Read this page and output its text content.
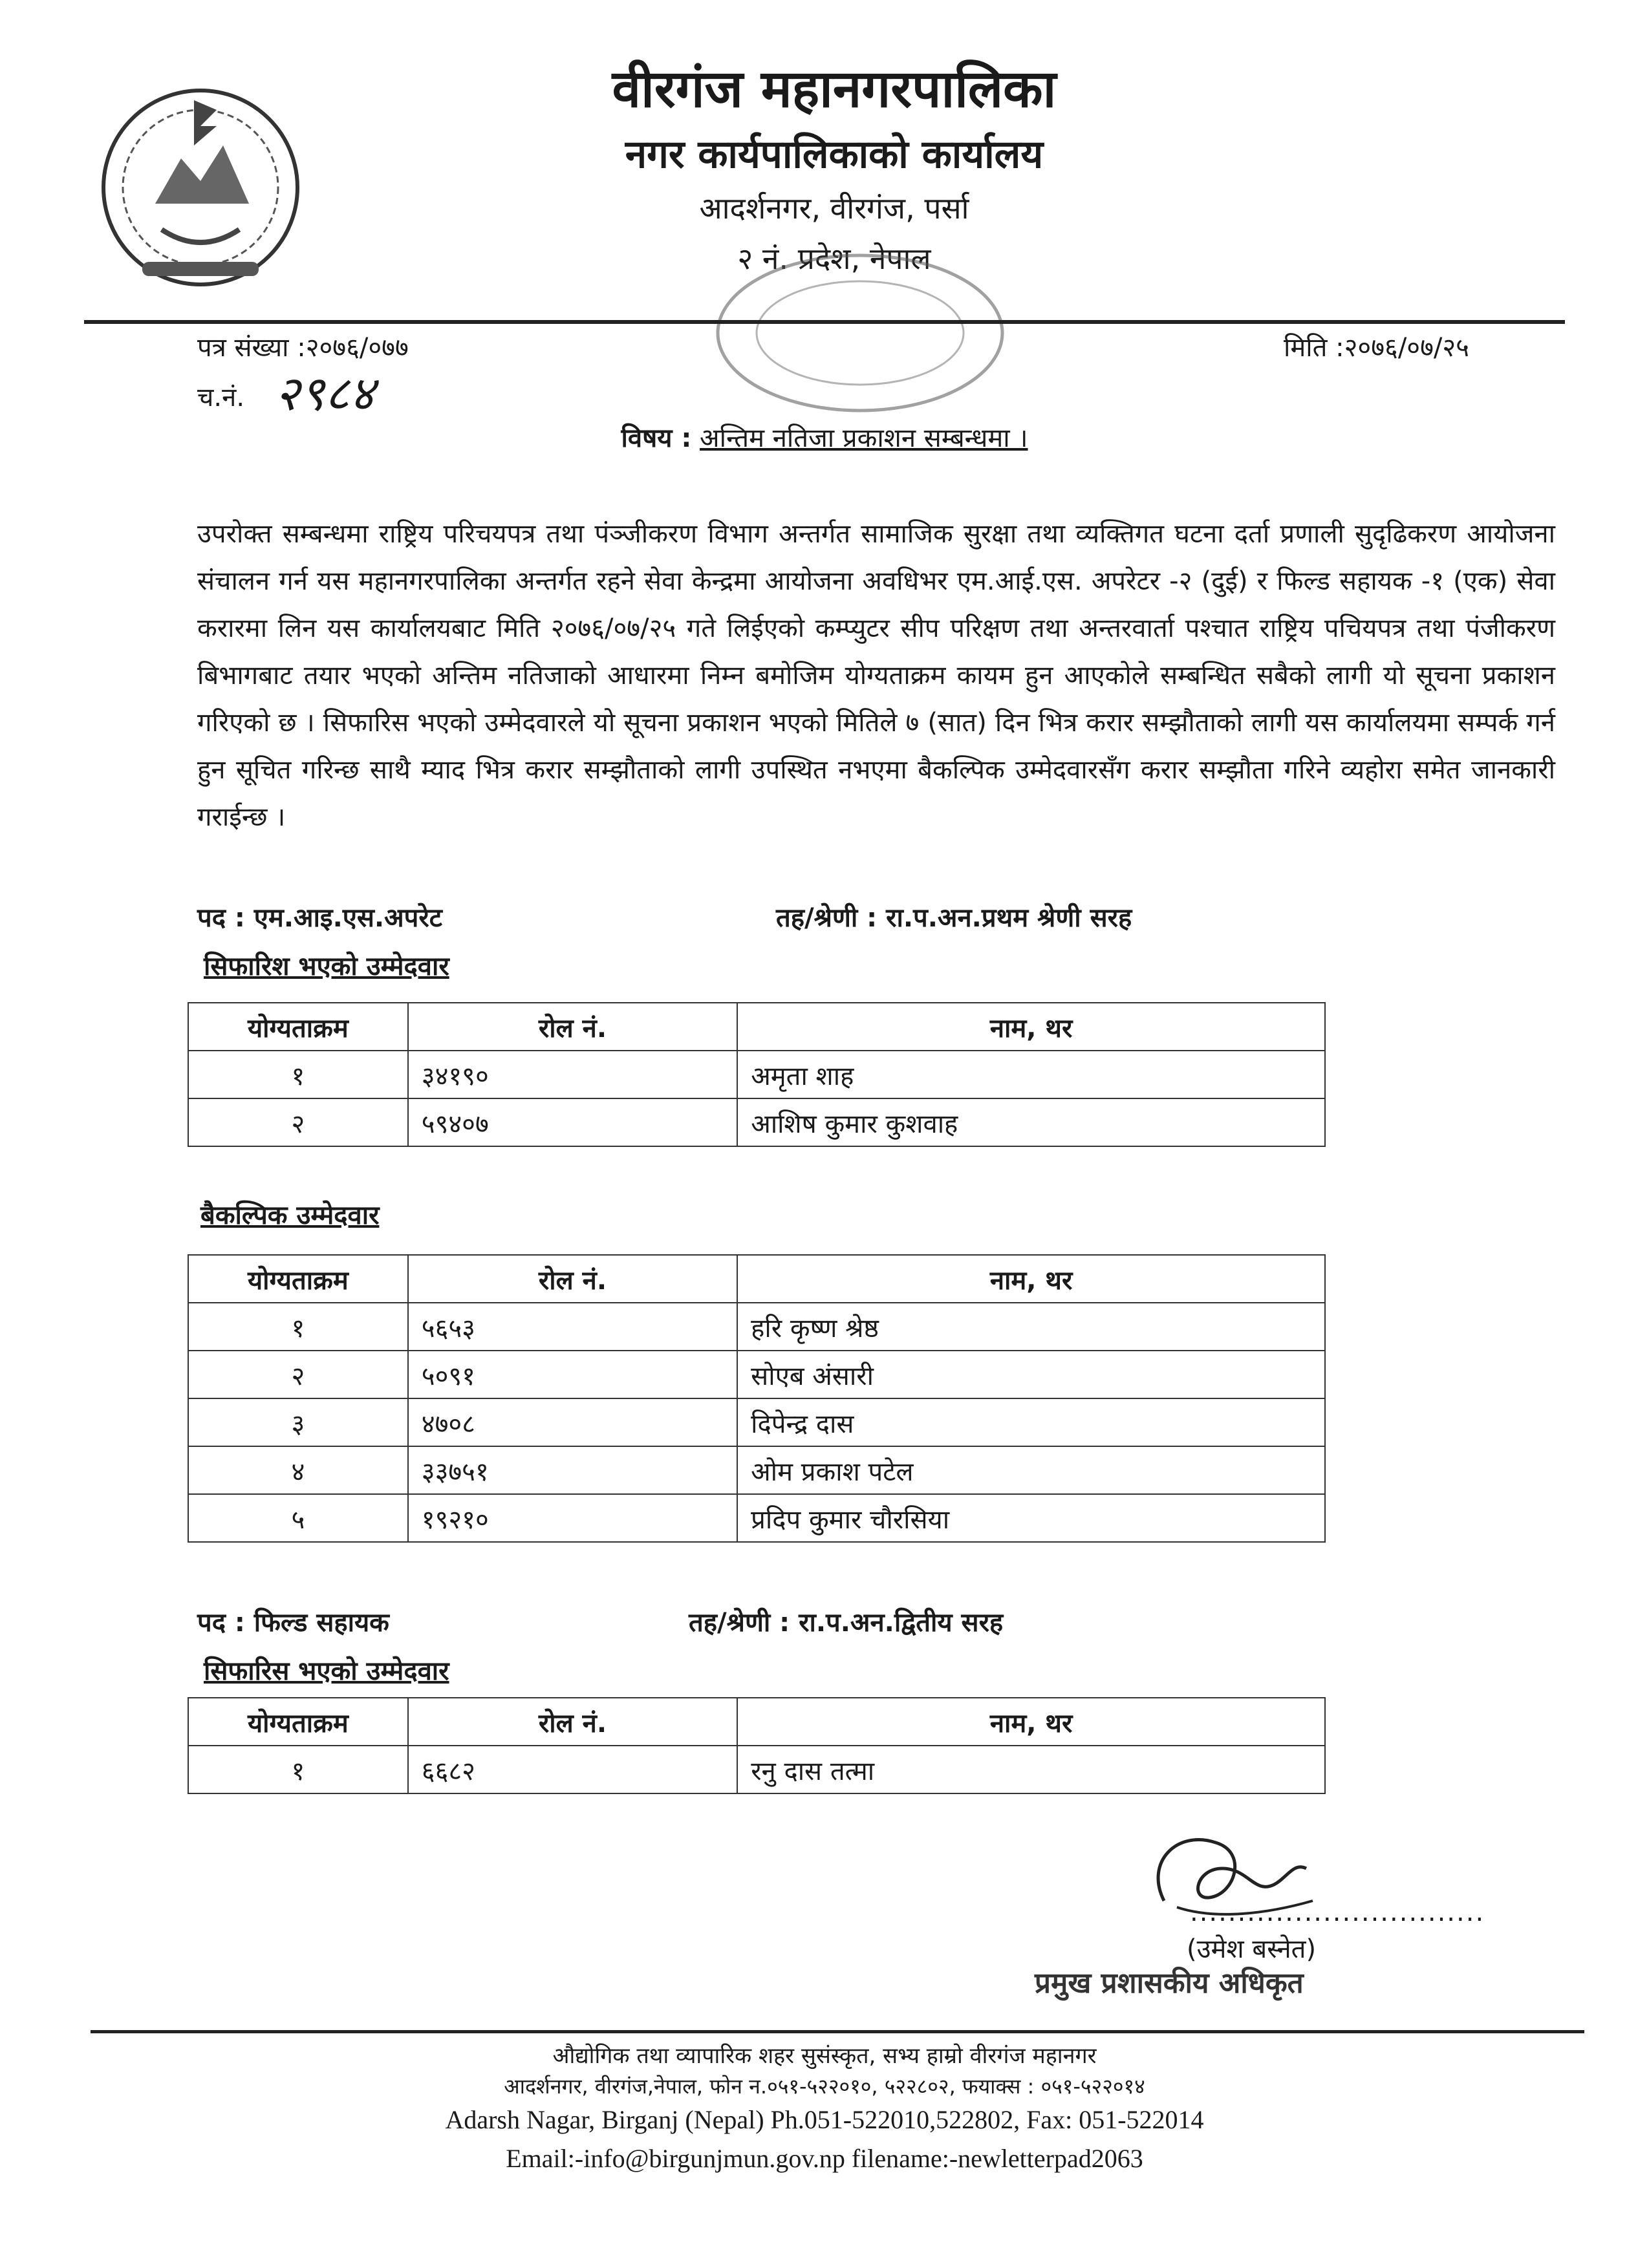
वीरगंज महानगरपालिका
नगर कार्यपालिकाको कार्यालय
आदर्शनगर, वीरगंज, पर्सा
२ नं. प्रदेश, नेपाल
पत्र संख्या :२०७६/०७७	मिति :२०७६/०७/२५
च.नं. २९८४
विषय : अन्तिम नतिजा प्रकाशन सम्बन्धमा ।
उपरोक्त सम्बन्धमा राष्ट्रिय परिचयपत्र तथा पंञ्जीकरण विभाग अन्तर्गत सामाजिक सुरक्षा तथा व्यक्तिगत घटना दर्ता प्रणाली सुदृढिकरण आयोजना संचालन गर्न यस महानगरपालिका अन्तर्गत रहने सेवा केन्द्रमा आयोजना अवधिभर एम.आई.एस. अपरेटर -२ (दुई) र फिल्ड सहायक -१ (एक) सेवा करारमा लिन यस कार्यालयबाट मिति २०७६/०७/२५ गते लिईएको कम्प्युटर सीप परिक्षण तथा अन्तरवार्ता पश्चात राष्ट्रिय पचियपत्र तथा पंजीकरण बिभागबाट तयार भएको अन्तिम नतिजाको आधारमा निम्न बमोजिम योग्यताक्रम कायम हुन आएकोले सम्बन्धित सबैको लागी यो सूचना प्रकाशन गरिएको छ । सिफारिस भएको उम्मेदवारले यो सूचना प्रकाशन भएको मितिले ७ (सात) दिन भित्र करार सम्झौताको लागी यस कार्यालयमा सम्पर्क गर्न हुन सूचित गरिन्छ साथै म्याद भित्र करार सम्झौताको लागी उपस्थित नभएमा बैकल्पिक उम्मेदवारसँग करार सम्झौता गरिने व्यहोरा समेत जानकारी गराईन्छ ।
पद : एम.आइ.एस.अपरेट	तह/श्रेणी : रा.प.अन.प्रथम श्रेणी सरह
सिफारिश भएको उम्मेदवार
योग्यताक्रम	रोल नं.	नाम, थर
१	३४१९०	अमृता शाह
२	५९४०७	आशिष कुमार कुशवाह
बैकल्पिक उम्मेदवार
योग्यताक्रम	रोल नं.	नाम, थर
१	५६५३	हरि कृष्ण श्रेष्ठ
२	५०९१	सोएब अंसारी
३	४७०८	दिपेन्द्र दास
४	३३७५१	ओम प्रकाश पटेल
५	१९२१०	प्रदिप कुमार चौरसिया
पद : फिल्ड सहायक	तह/श्रेणी : रा.प.अन.द्वितीय सरह
सिफारिस भएको उम्मेदवार
योग्यताक्रम	रोल नं.	नाम, थर
१	६६८२	रनु दास तत्मा
...............................
(उमेश बस्नेत)
प्रमुख प्रशासकीय अधिकृत
औद्योगिक तथा व्यापारिक शहर सुसंस्कृत, सभ्य हाम्रो वीरगंज महानगर
आदर्शनगर, वीरगंज,नेपाल, फोन न.०५१-५२२०१०, ५२२८०२, फयाक्स : ०५१-५२२०१४
Adarsh Nagar, Birganj (Nepal) Ph.051-522010,522802, Fax: 051-522014
Email:-info@birgunjmun.gov.np filename:-newletterpad2063
